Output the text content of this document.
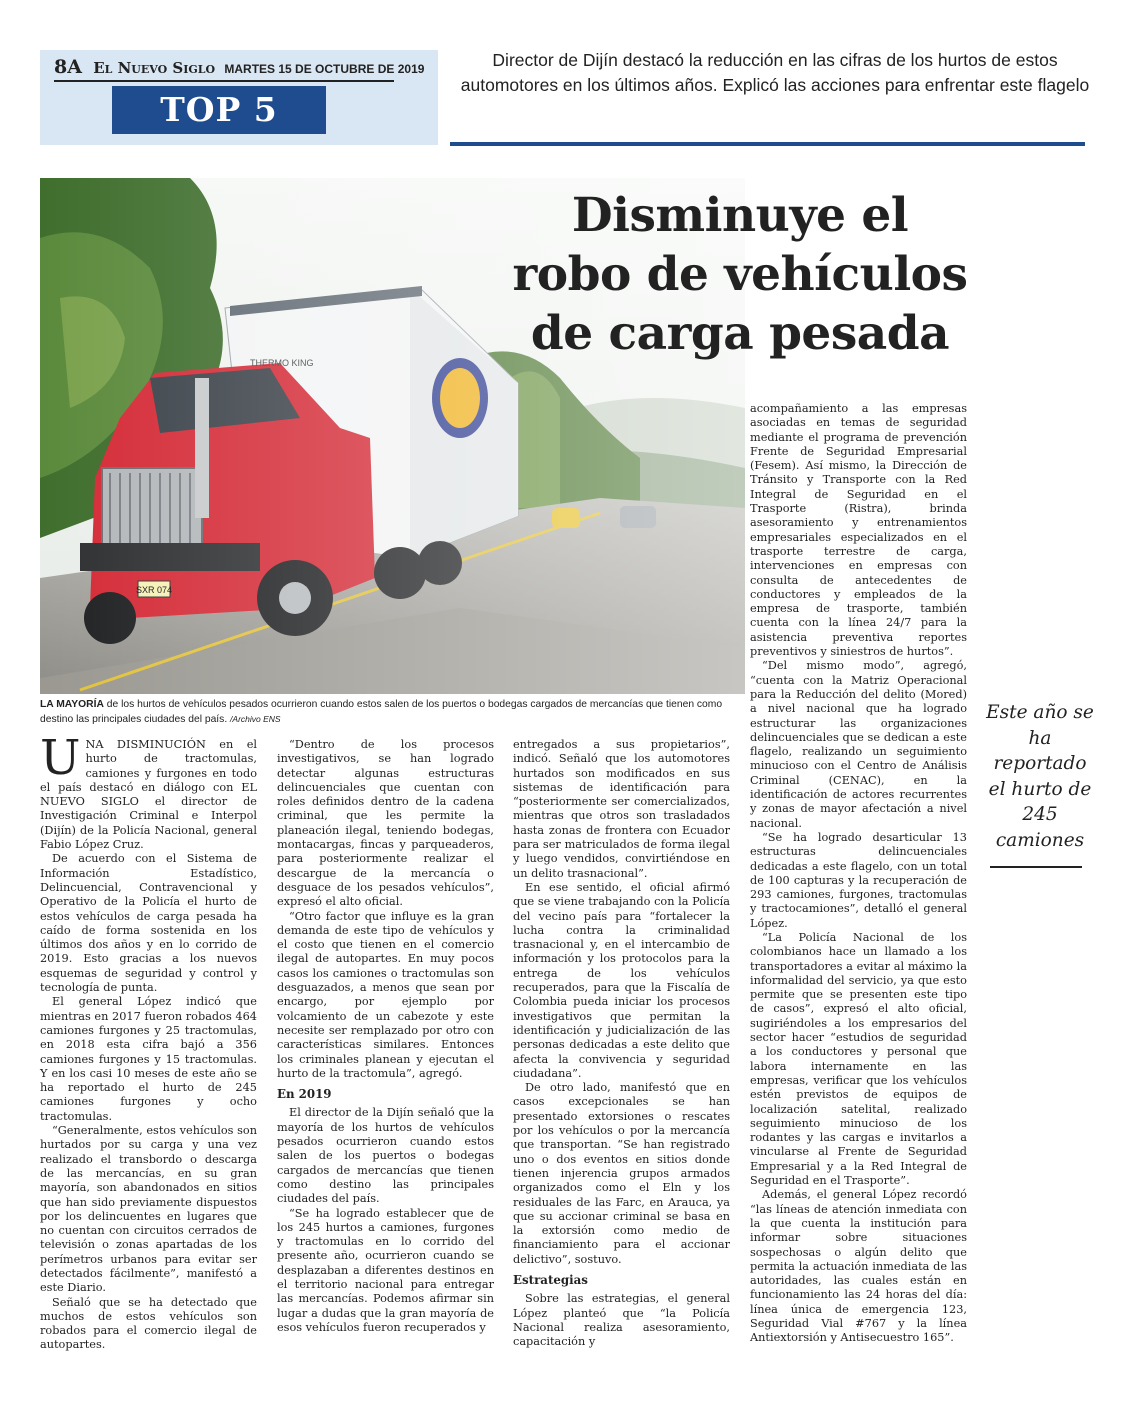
8A El Nuevo Siglo MARTES 15 DE OCTUBRE DE 2019
TOP 5
Director de Dijín destacó la reducción en las cifras de los hurtos de estos automotores en los últimos años. Explicó las acciones para enfrentar este flagelo
SXR 074
THERMO KING
Disminuye el
robo de vehículos
de carga pesada
LA MAYORÍA de los hurtos de vehículos pesados ocurrieron cuando estos salen de los puertos o bodegas cargados de mercancías que tienen como destino las principales ciudades del país. /Archivo ENS

UNA DISMINUCIÓN en el hurto de tractomulas, camiones y furgones en todo el país destacó en diálogo con EL NUEVO SIGLO el director de Investigación Criminal e Interpol (Dijín) de la Policía Nacional, general Fabio López Cruz.

De acuerdo con el Sistema de Información Estadístico, Delincuencial, Contravencional y Operativo de la Policía el hurto de estos vehículos de carga pesada ha caído de forma sostenida en los últimos dos años y en lo corrido de 2019. Esto gracias a los nuevos esquemas de seguridad y control y tecnología de punta.

El general López indicó que mientras en 2017 fueron robados 464 camiones furgones y 25 tractomulas, en 2018 esta cifra bajó a 356 camiones furgones y 15 tractomulas. Y en los casi 10 meses de este año se ha reportado el hurto de 245 camiones furgones y ocho tractomulas.

“Generalmente, estos vehículos son hurtados por su carga y una vez realizado el transbordo o descarga de las mercancías, en su gran mayoría, son abandonados en sitios que han sido previamente dispuestos por los delincuentes en lugares que no cuentan con circuitos cerrados de televisión o zonas apartadas de los perímetros urbanos para evitar ser detectados fácilmente”, manifestó a este Diario.

Señaló que se ha detectado que muchos de estos vehículos son robados para el comercio ilegal de autopartes.

“Dentro de los procesos investigativos, se han logrado detectar algunas estructuras delincuenciales que cuentan con roles definidos dentro de la cadena criminal, que les permite la planeación ilegal, teniendo bodegas, montacargas, fincas y parqueaderos, para posteriormente realizar el descargue de la mercancía o desguace de los pesados vehículos”, expresó el alto oficial.

“Otro factor que influye es la gran demanda de este tipo de vehículos y el costo que tienen en el comercio ilegal de autopartes. En muy pocos casos los camiones o tractomulas son desguazados, a menos que sean por encargo, por ejemplo por volcamiento de un cabezote y este necesite ser remplazado por otro con características similares. Entonces los criminales planean y ejecutan el hurto de la tractomula”, agregó.

En 2019

El director de la Dijín señaló que la mayoría de los hurtos de vehículos pesados ocurrieron cuando estos salen de los puertos o bodegas cargados de mercancías que tienen como destino las principales ciudades del país.

“Se ha logrado establecer que de los 245 hurtos a camiones, furgones y tractomulas en lo corrido del presente año, ocurrieron cuando se desplazaban a diferentes destinos en el territorio nacional para entregar las mercancías. Podemos afirmar sin lugar a dudas que la gran mayoría de esos vehículos fueron recuperados y

entregados a sus propietarios”, indicó. Señaló que los automotores hurtados son modificados en sus sistemas de identificación para “posteriormente ser comercializados, mientras que otros son trasladados hasta zonas de frontera con Ecuador para ser matriculados de forma ilegal y luego vendidos, convirtiéndose en un delito trasnacional”.

En ese sentido, el oficial afirmó que se viene trabajando con la Policía del vecino país para “fortalecer la lucha contra la criminalidad trasnacional y, en el intercambio de información y los protocolos para la entrega de los vehículos recuperados, para que la Fiscalía de Colombia pueda iniciar los procesos investigativos que permitan la identificación y judicialización de las personas dedicadas a este delito que afecta la convivencia y seguridad ciudadana”.

De otro lado, manifestó que en casos excepcionales se han presentado extorsiones o rescates por los vehículos o por la mercancía que transportan. “Se han registrado uno o dos eventos en sitios donde tienen injerencia grupos armados organizados como el Eln y los residuales de las Farc, en Arauca, ya que su accionar criminal se basa en la extorsión como medio de financiamiento para el accionar delictivo”, sostuvo.

Estrategias

Sobre las estrategias, el general López planteó que “la Policía Nacional realiza asesoramiento, capacitación y

acompañamiento a las empresas asociadas en temas de seguridad mediante el programa de prevención Frente de Seguridad Empresarial (Fesem). Así mismo, la Dirección de Tránsito y Transporte con la Red Integral de Seguridad en el Trasporte (Ristra), brinda asesoramiento y entrenamientos empresariales especializados en el trasporte terrestre de carga, intervenciones en empresas con consulta de antecedentes de conductores y empleados de la empresa de trasporte, también cuenta con la línea 24/7 para la asistencia preventiva reportes preventivos y siniestros de hurtos”.

“Del mismo modo”, agregó, “cuenta con la Matriz Operacional para la Reducción del delito (Mored) a nivel nacional que ha logrado estructurar las organizaciones delincuenciales que se dedican a este flagelo, realizando un seguimiento minucioso con el Centro de Análisis Criminal (CENAC), en la identificación de actores recurrentes y zonas de mayor afectación a nivel nacional.

“Se ha logrado desarticular 13 estructuras delincuenciales dedicadas a este flagelo, con un total de 100 capturas y la recuperación de 293 camiones, furgones, tractomulas y tractocamiones”, detalló el general López.

“La Policía Nacional de los colombianos hace un llamado a los transportadores a evitar al máximo la informalidad del servicio, ya que esto permite que se presenten este tipo de casos”, expresó el alto oficial, sugiriéndoles a los empresarios del sector hacer “estudios de seguridad a los conductores y personal que labora internamente en las empresas, verificar que los vehículos estén previstos de equipos de localización satelital, realizado seguimiento minucioso de los rodantes y las cargas e invitarlos a vincularse al Frente de Seguridad Empresarial y a la Red Integral de Seguridad en el Trasporte”.

Además, el general López recordó “las líneas de atención inmediata con la que cuenta la institución para informar sobre situaciones sospechosas o algún delito que permita la actuación inmediata de las autoridades, las cuales están en funcionamiento las 24 horas del día: línea única de emergencia 123, Seguridad Vial #767 y la línea Antiextorsión y Antisecuestro 165”.

Este año se ha reportado el hurto de 245 camiones
